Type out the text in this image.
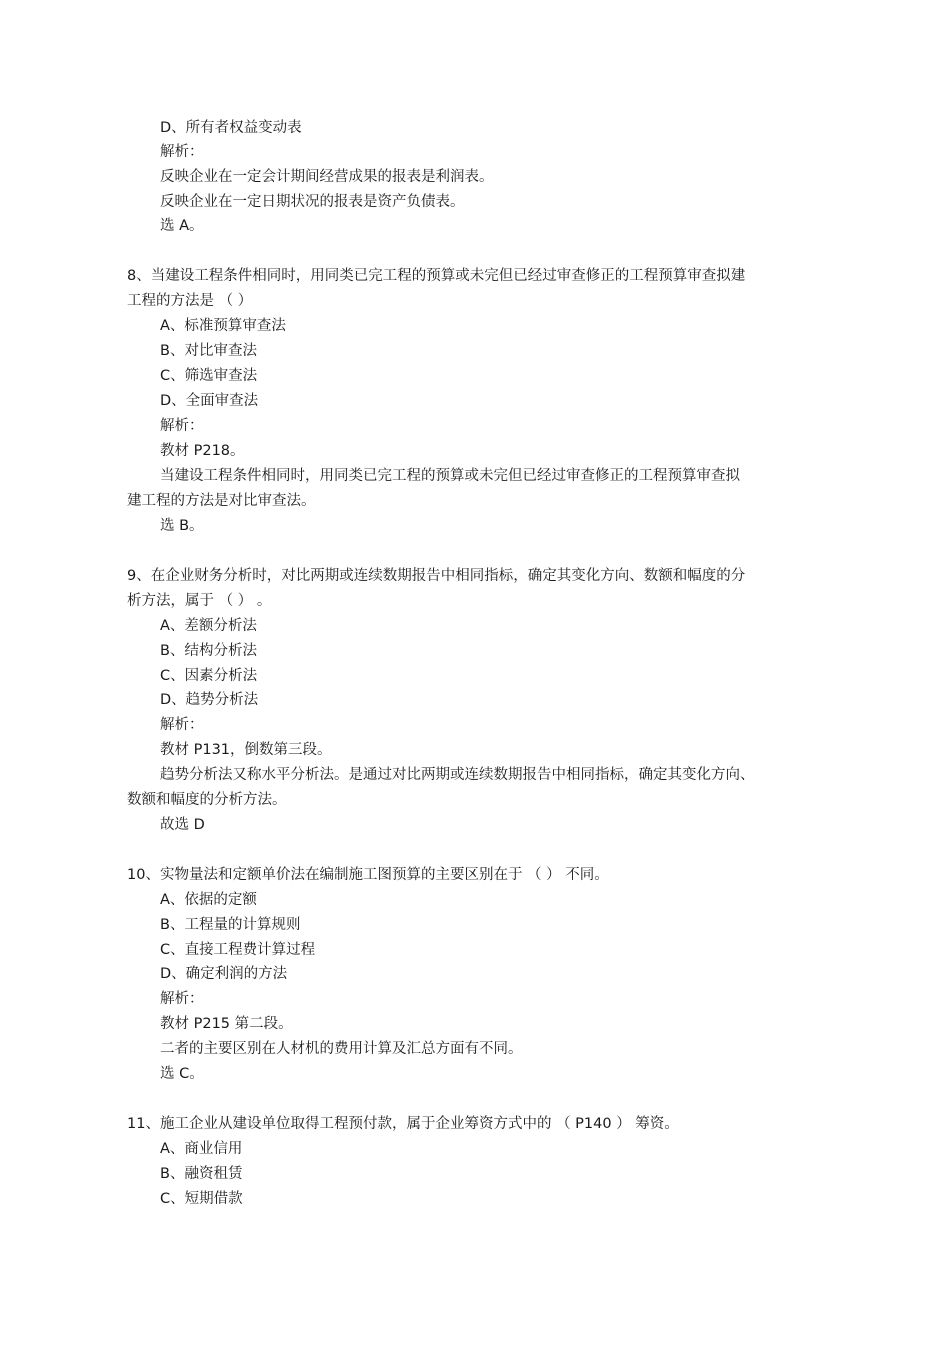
D、所有者权益变动表
解析：
反映企业在一定会计期间经营成果的报表是利润表。
反映企业在一定日期状况的报表是资产负债表。
选 A。
8、当建设工程条件相同时，用同类已完工程的预算或未完但已经过审查修正的工程预算审查拟建
工程的方法是 （ ）
A、标准预算审查法
B、对比审查法
C、筛选审查法
D、全面审查法
解析：
教材 P218。
当建设工程条件相同时，用同类已完工程的预算或未完但已经过审查修正的工程预算审查拟
建工程的方法是对比审查法。
选 B。
9、在企业财务分析时，对比两期或连续数期报告中相同指标，确定其变化方向、数额和幅度的分
析方法，属于 （ ） 。
A、差额分析法
B、结构分析法
C、因素分析法
D、趋势分析法
解析：
教材 P131，倒数第三段。
趋势分析法又称水平分析法。是通过对比两期或连续数期报告中相同指标，确定其变化方向、
数额和幅度的分析方法。
故选 D
10、实物量法和定额单价法在编制施工图预算的主要区别在于 （ ） 不同。
A、依据的定额
B、工程量的计算规则
C、直接工程费计算过程
D、确定利润的方法
解析：
教材 P215 第二段。
二者的主要区别在人材机的费用计算及汇总方面有不同。
选 C。
11、施工企业从建设单位取得工程预付款，属于企业筹资方式中的 （ P140 ） 筹资。
A、商业信用
B、融资租赁
C、短期借款
